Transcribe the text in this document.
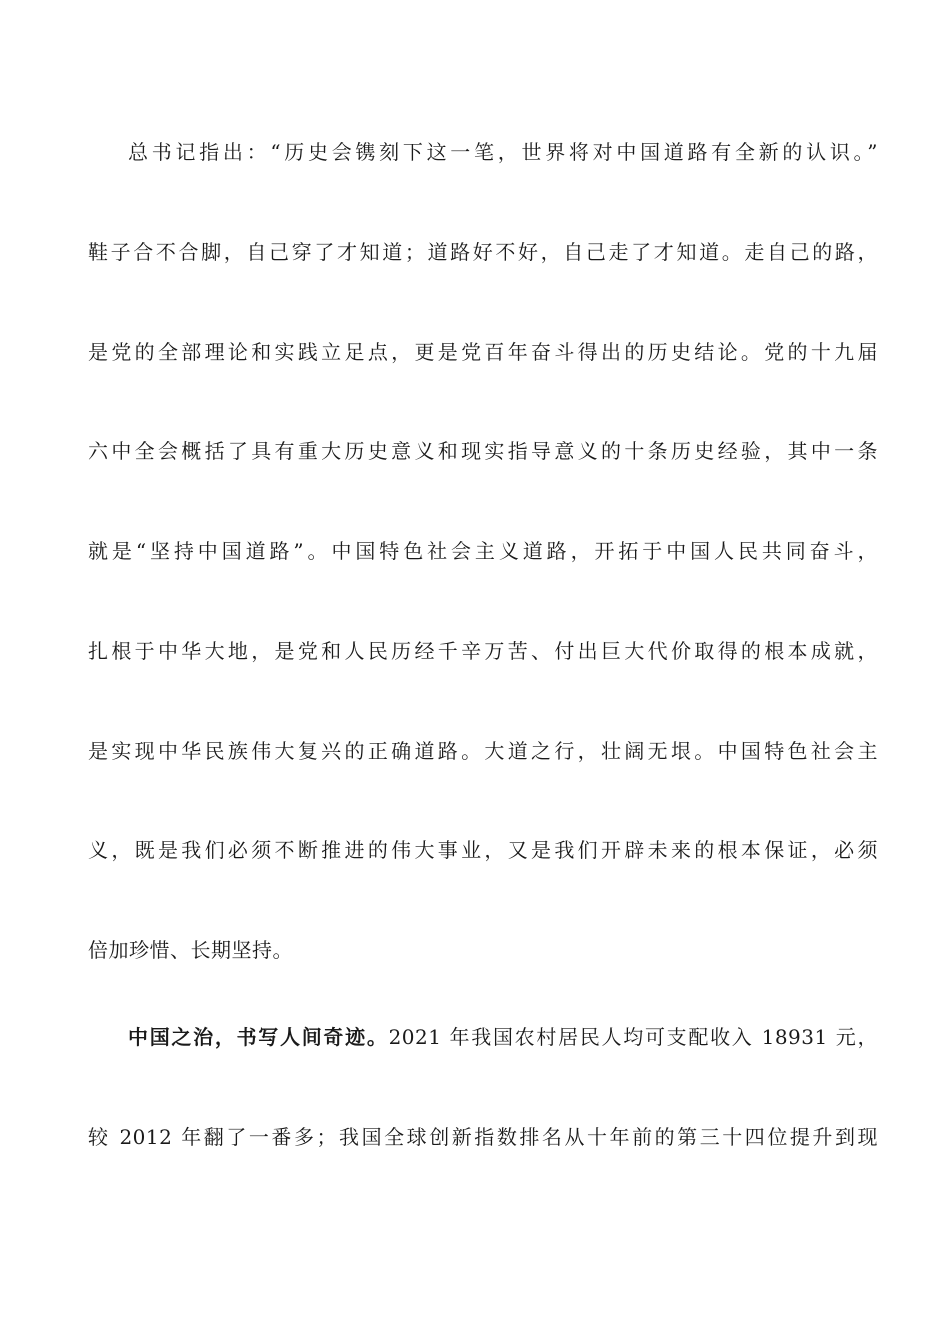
总书记指出：“历史会镌刻下这一笔，世界将对中国道路有全新的认识。”
鞋子合不合脚，自己穿了才知道；道路好不好，自己走了才知道。走自己的路，
是党的全部理论和实践立足点，更是党百年奋斗得出的历史结论。党的十九届
六中全会概括了具有重大历史意义和现实指导意义的十条历史经验，其中一条
就是“坚持中国道路”。中国特色社会主义道路，开拓于中国人民共同奋斗，
扎根于中华大地，是党和人民历经千辛万苦、付出巨大代价取得的根本成就，
是实现中华民族伟大复兴的正确道路。大道之行，壮阔无垠。中国特色社会主
义，既是我们必须不断推进的伟大事业，又是我们开辟未来的根本保证，必须
倍加珍惜、长期坚持。
中国之治，书写人间奇迹。2021 年我国农村居民人均可支配收入 18931 元，
较 2012 年翻了一番多；我国全球创新指数排名从十年前的第三十四位提升到现
